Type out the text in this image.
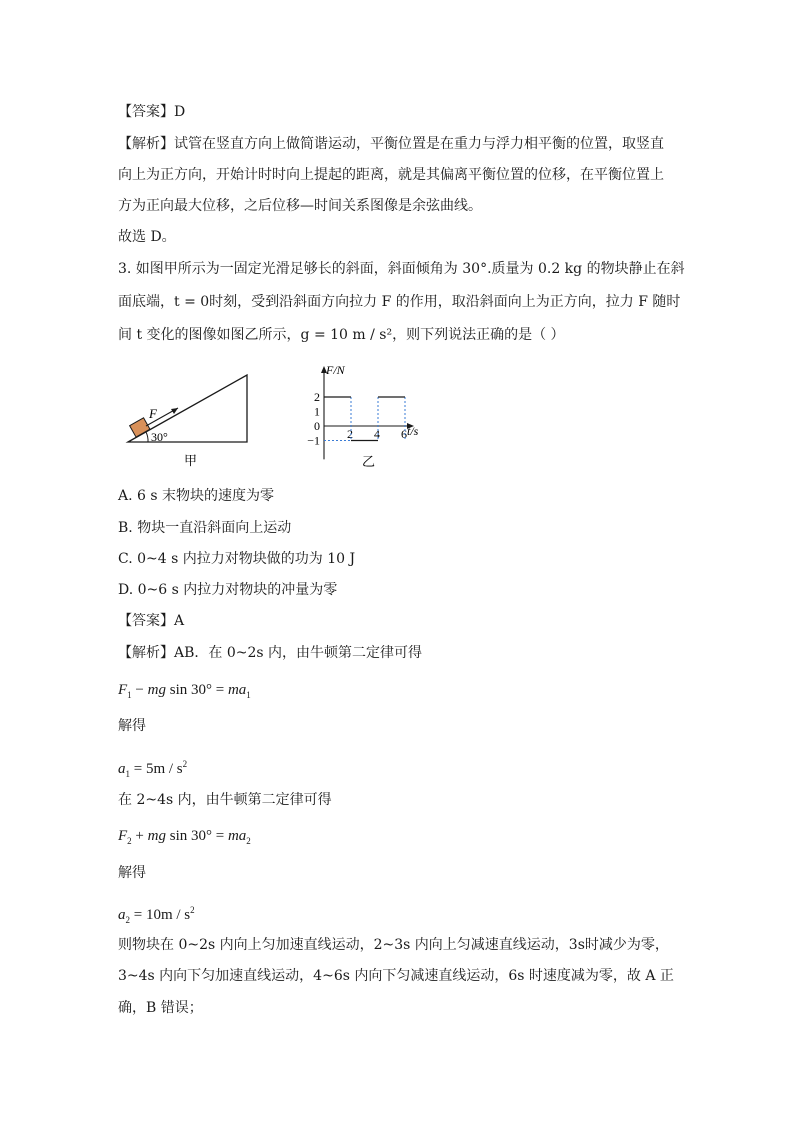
【答案】D
【解析】试管在竖直方向上做简谐运动，平衡位置是在重力与浮力相平衡的位置，取竖直
向上为正方向，开始计时时向上提起的距离，就是其偏离平衡位置的位移，在平衡位置上
方为正向最大位移，之后位移—时间关系图像是余弦曲线。
故选 D。
3. 如图甲所示为一固定光滑足够长的斜面，斜面倾角为 30°.质量为 0.2 kg 的物块静止在斜
面底端，t = 0时刻，受到沿斜面方向拉力 F 的作用，取沿斜面向上为正方向，拉力 F 随时
间 t 变化的图像如图乙所示，g = 10 m / s²，则下列说法正确的是（ ）
F
30°
甲
2
1
0
−1 2 4 6
F/N
t/s
乙
A. 6 s 末物块的速度为零
B. 物块一直沿斜面向上运动
C. 0~4 s 内拉力对物块做的功为 10 J
D. 0~6 s 内拉力对物块的冲量为零
【答案】A
【解析】AB．在 0~2s 内，由牛顿第二定律可得
$F_1$ − mg $\sin 30^\circ = ma_1$
解得
$a_1 = 5m / s^2$
在 2~4s 内，由牛顿第二定律可得
$F_2$ + mg $\sin 30^\circ = ma_2$
解得
$a_2 = 10m / s^2$
则物块在 0~2s 内向上匀加速直线运动，2~3s 内向上匀减速直线运动，3s时减少为零，
3~4s 内向下匀加速直线运动，4~6s 内向下匀减速直线运动，6s 时速度减为零，故 A 正
确，B 错误；
